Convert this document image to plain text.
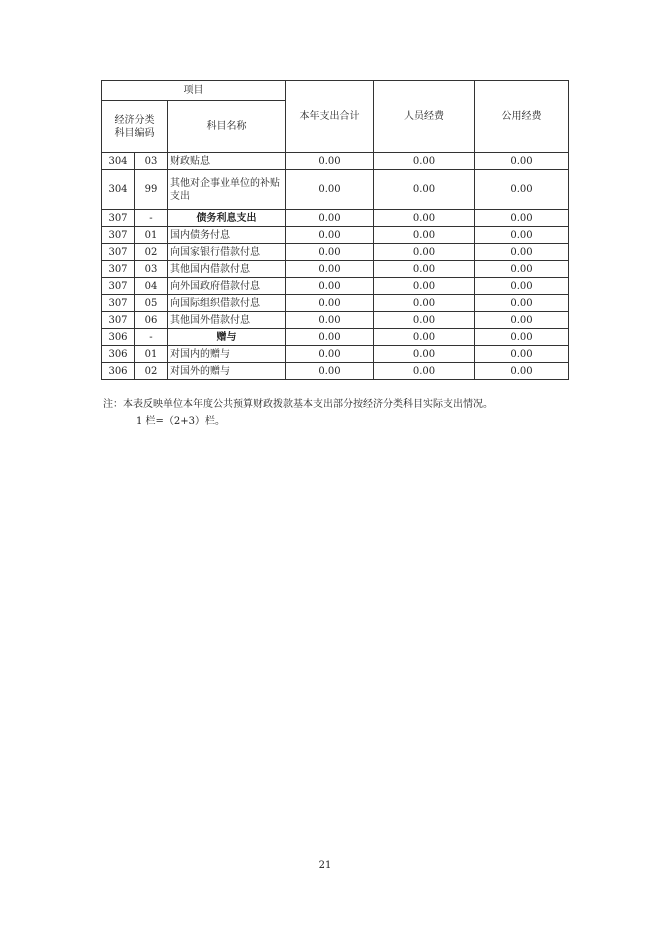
项目			本年支出合计	人员经费	公用经费
经济分类
科目编码		科目名称			
304	03	财政贴息	0.00	0.00	0.00
304	99	其他对企事业单位的补贴支出	0.00	0.00	0.00
307	-	债务利息支出	0.00	0.00	0.00
307	01	国内债务付息	0.00	0.00	0.00
307	02	向国家银行借款付息	0.00	0.00	0.00
307	03	其他国内借款付息	0.00	0.00	0.00
307	04	向外国政府借款付息	0.00	0.00	0.00
307	05	向国际组织借款付息	0.00	0.00	0.00
307	06	其他国外借款付息	0.00	0.00	0.00
306	-	赠与	0.00	0.00	0.00
306	01	对国内的赠与	0.00	0.00	0.00
306	02	对国外的赠与	0.00	0.00	0.00
注：本表反映单位本年度公共预算财政拨款基本支出部分按经济分类科目实际支出情况。
1 栏=（2+3）栏。
21
